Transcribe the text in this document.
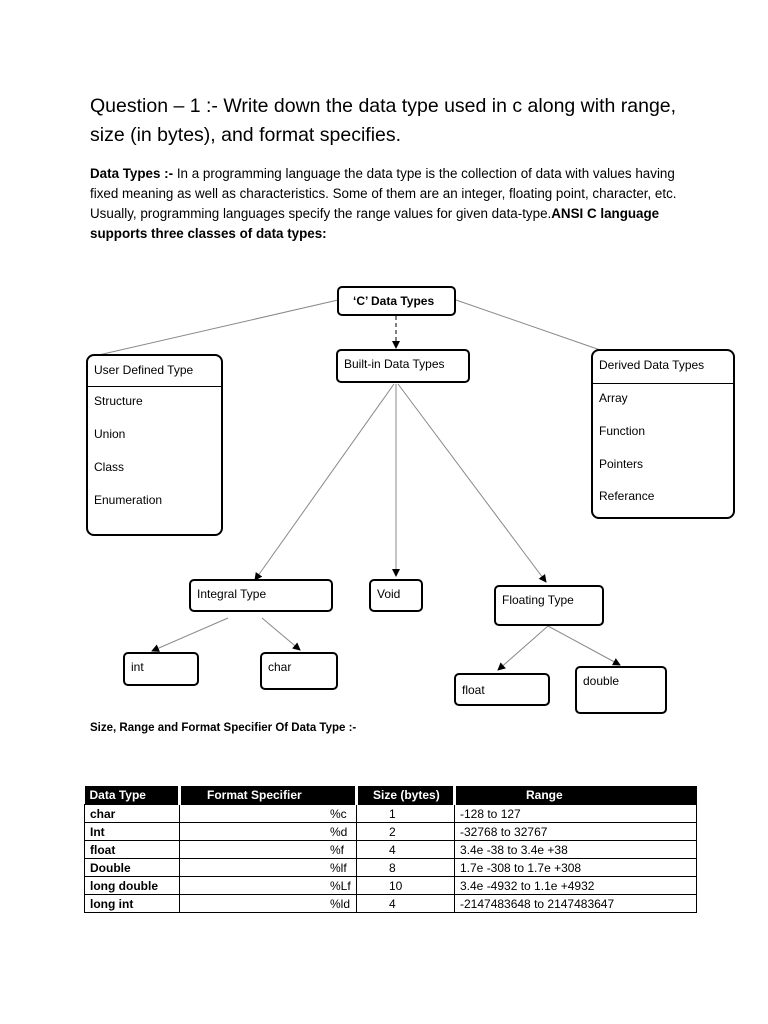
Question – 1 :- Write down the data type used in c along with range, size (in bytes), and format specifies.
Data Types :- In a programming language the data type is the collection of data with values having fixed meaning as well as characteristics. Some of them are an integer, floating point, character, etc. Usually, programming languages specify the range values for given data-type.ANSI C language supports three classes of data types:
‘C’ Data Types
User Defined Type
Structure
Union
Class
Enumeration
Built-in Data Types	Derived Data Types
Array
Function
Pointers
Referance
Integral Type	Void	Floating Type
int	char
float
double
Size, Range and Format Specifier Of Data Type :-
Data Type	Format Specifier	Size (bytes)	Range
char	%c	1	-128 to 127
Int	%d	2	-32768 to 32767
float	%f	4	3.4e -38 to 3.4e +38
Double	%lf	8	1.7e -308 to 1.7e +308
long double	%Lf	10	3.4e -4932 to 1.1e +4932
long int	%ld	4	-2147483648 to 2147483647
